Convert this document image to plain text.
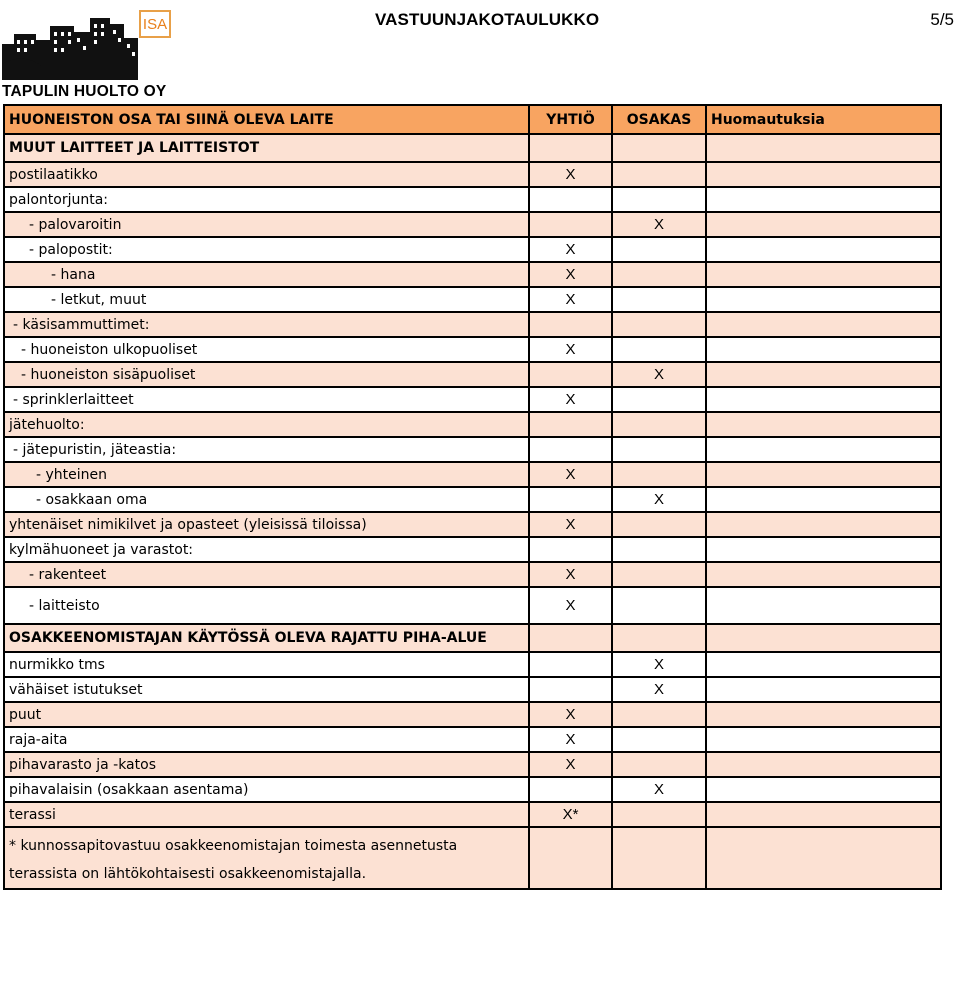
ISA
TAPULIN HUOLTO OY
VASTUUNJAKOTAULUKKO	5/5
HUONEISTON OSA TAI SIINÄ OLEVA LAITE	YHTIÖ	OSAKAS	Huomautuksia
MUUT LAITTEET JA LAITTEISTOT			
postilaatikko	X		
palontorjunta:			
- palovaroitin		X	
- palopostit:	X		
- hana	X		
- letkut, muut	X		
- käsisammuttimet:			
- huoneiston ulkopuoliset	X		
- huoneiston sisäpuoliset		X	
- sprinklerlaitteet	X		
jätehuolto:			
- jätepuristin, jäteastia:			
- yhteinen	X		
- osakkaan oma		X	
yhtenäiset nimikilvet ja opasteet (yleisissä tiloissa)	X		
kylmähuoneet ja varastot:			
- rakenteet	X		
- laitteisto	X		
OSAKKEENOMISTAJAN KÄYTÖSSÄ OLEVA RAJATTU PIHA-ALUE			
nurmikko tms		X	
vähäiset istutukset		X	
puut	X		
raja-aita	X		
pihavarasto ja -katos	X		
pihavalaisin (osakkaan asentama)		X	
terassi	X*		

* kunnossapitovastuu osakkeenomistajan toimesta asennetusta
terassista on lähtökohtaisesti osakkeenomistajalla.			
